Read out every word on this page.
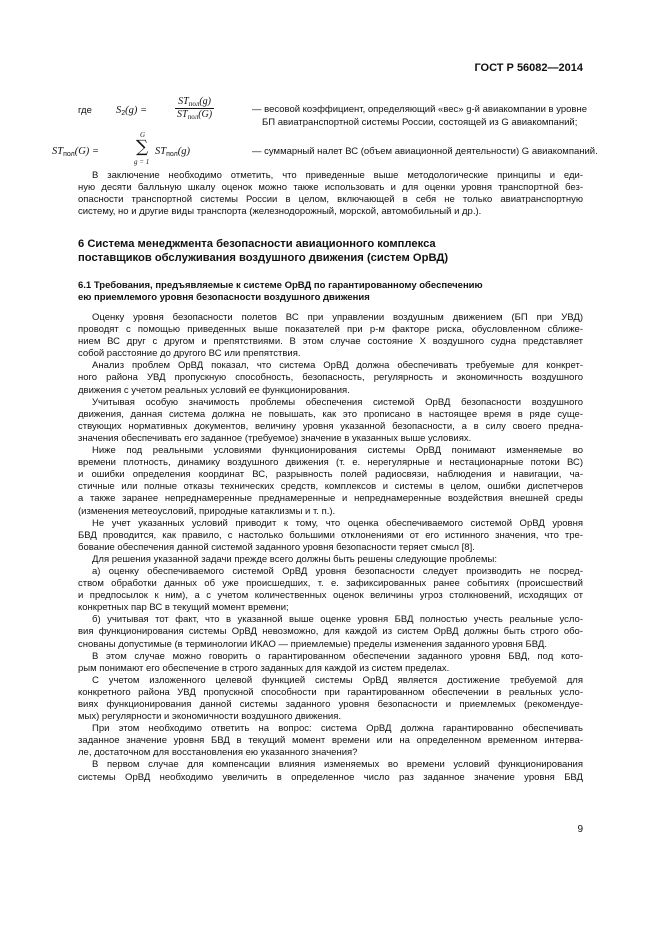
ГОСТ Р 56082—2014
где $S_2(g)$ =
$ST_{пол}(g)$
$ST_{пол}(G)$	— весовой коэффициент, определяющий «вес» g-й авиакомпании в уровне
БП авиатранспортной системы России, состоящей из G авиакомпаний;
$ST_{пол}(G)$ =
G
∑
g = 1
$ST_{пол}(g)$	— суммарный налет ВС (объем авиационной деятельности) G авиакомпаний.
В заключение необходимо отметить, что приведенные выше методологические принципы и еди-
ную десяти балльную шкалу оценок можно также использовать и для оценки уровня транспортной без-
опасности транспортной системы России в целом, включающей в себя не только авиатранспортную
систему, но и другие виды транспорта (железнодорожный, морской, автомобильный и др.).
6 Система менеджмента безопасности авиационного комплекса
поставщиков обслуживания воздушного движения (систем ОрВД)
6.1 Требования, предъявляемые к системе ОрВД по гарантированному обеспечению
ею приемлемого уровня безопасности воздушного движения
Оценку уровня безопасности полетов ВС при управлении воздушным движением (БП при УВД)
проводят с помощью приведенных выше показателей при p-м факторе риска, обусловленном сближе-
нием ВС друг с другом и препятствиями. В этом случае состояние X воздушного судна представляет
собой расстояние до другого ВС или препятствия.
Анализ проблем ОрВД показал, что система ОрВД должна обеспечивать требуемые для конкрет-
ного района УВД пропускную способность, безопасность, регулярность и экономичность воздушного
движения с учетом реальных условий ее функционирования.
Учитывая особую значимость проблемы обеспечения системой ОрВД безопасности воздушного
движения, данная система должна не повышать, как это прописано в настоящее время в ряде суще-
ствующих нормативных документов, величину уровня указанной безопасности, а в силу своего предна-
значения обеспечивать его заданное (требуемое) значение в указанных выше условиях.
Ниже под реальными условиями функционирования системы ОрВД понимают изменяемые во
времени плотность, динамику воздушного движения (т. е. нерегулярные и нестационарные потоки ВС)
и ошибки определения координат ВС, разрывность полей радиосвязи, наблюдения и навигации, ча-
стичные или полные отказы технических средств, комплексов и системы в целом, ошибки диспетчеров
а также заранее непреднамеренные преднамеренные и непреднамеренные воздействия внешней среды
(изменения метеоусловий, природные катаклизмы и т. п.).
Не учет указанных условий приводит к тому, что оценка обеспечиваемого системой ОрВД уровня
БВД проводится, как правило, с настолько большими отклонениями от его истинного значения, что тре-
бование обеспечения данной системой заданного уровня безопасности теряет смысл [8].
Для решения указанной задачи прежде всего должны быть решены следующие проблемы:
а) оценку обеспечиваемого системой ОрВД уровня безопасности следует производить не посред-
ством обработки данных об уже происшедших, т. е. зафиксированных ранее событиях (происшествий
и предпосылок к ним), а с учетом количественных оценок величины угроз столкновений, исходящих от
конкретных пар ВС в текущий момент времени;
б) учитывая тот факт, что в указанной выше оценке уровня БВД полностью учесть реальные усло-
вия функционирования системы ОрВД невозможно, для каждой из систем ОрВД должны быть строго обо-
снованы допустимые (в терминологии ИКАО — приемлемые) пределы изменения заданного уровня БВД.
В этом случае можно говорить о гарантированном обеспечении заданного уровня БВД, под кото-
рым понимают его обеспечение в строго заданных для каждой из систем пределах.
С учетом изложенного целевой функцией системы ОрВД является достижение требуемой для
конкретного района УВД пропускной способности при гарантированном обеспечении в реальных усло-
виях функционирования данной системы заданного уровня безопасности и приемлемых (рекомендуе-
мых) регулярности и экономичности воздушного движения.
При этом необходимо ответить на вопрос: система ОрВД должна гарантированно обеспечивать
заданное значение уровня БВД в текущий момент времени или на определенном временном интерва-
ле, достаточном для восстановления ею указанного значения?
В первом случае для компенсации влияния изменяемых во времени условий функционирования
системы ОрВД необходимо увеличить в определенное число раз заданное значение уровня БВД
9
